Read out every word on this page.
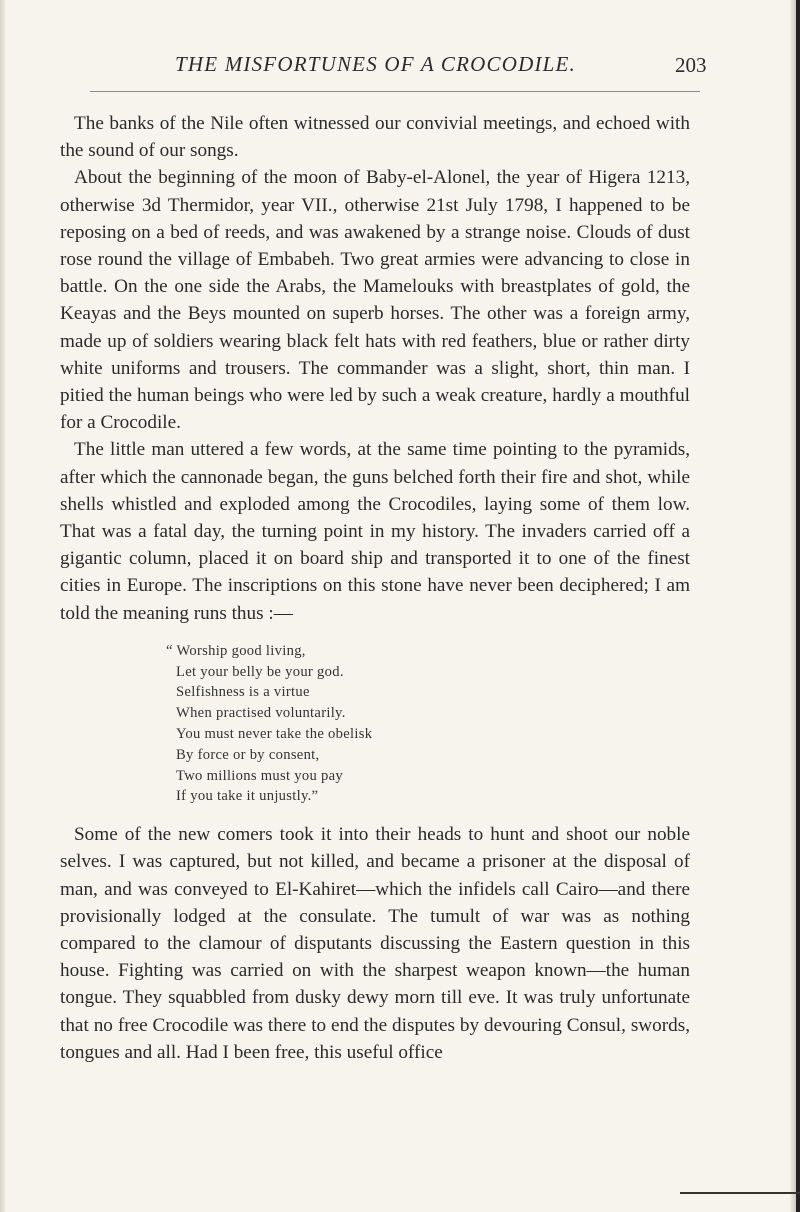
THE MISFORTUNES OF A CROCODILE.	203

The banks of the Nile often witnessed our convivial meetings, and echoed with the sound of our songs.

About the beginning of the moon of Baby-el-Alonel, the year of Higera 1213, otherwise 3d Thermidor, year VII., otherwise 21st July 1798, I happened to be reposing on a bed of reeds, and was awakened by a strange noise. Clouds of dust rose round the village of Embabeh. Two great armies were advancing to close in battle. On the one side the Arabs, the Mamelouks with breastplates of gold, the Keayas and the Beys mounted on superb horses. The other was a foreign army, made up of soldiers wearing black felt hats with red feathers, blue or rather dirty white uniforms and trousers. The commander was a slight, short, thin man. I pitied the human beings who were led by such a weak creature, hardly a mouthful for a Crocodile.

The little man uttered a few words, at the same time pointing to the pyramids, after which the cannonade began, the guns belched forth their fire and shot, while shells whistled and exploded among the Crocodiles, laying some of them low. That was a fatal day, the turning point in my history. The invaders carried off a gigantic column, placed it on board ship and transported it to one of the finest cities in Europe. The inscriptions on this stone have never been deciphered; I am told the meaning runs thus :—

“ Worship good living,
Let your belly be your god.
Selfishness is a virtue
When practised voluntarily.
You must never take the obelisk
By force or by consent,
Two millions must you pay
If you take it unjustly.”

Some of the new comers took it into their heads to hunt and shoot our noble selves. I was captured, but not killed, and became a prisoner at the disposal of man, and was conveyed to El-Kahiret—which the infidels call Cairo—and there provisionally lodged at the consulate. The tumult of war was as nothing compared to the clamour of disputants discussing the Eastern question in this house. Fighting was carried on with the sharpest weapon known—the human tongue. They squabbled from dusky dewy morn till eve. It was truly unfortunate that no free Crocodile was there to end the disputes by devouring Consul, swords, tongues and all. Had I been free, this useful office
